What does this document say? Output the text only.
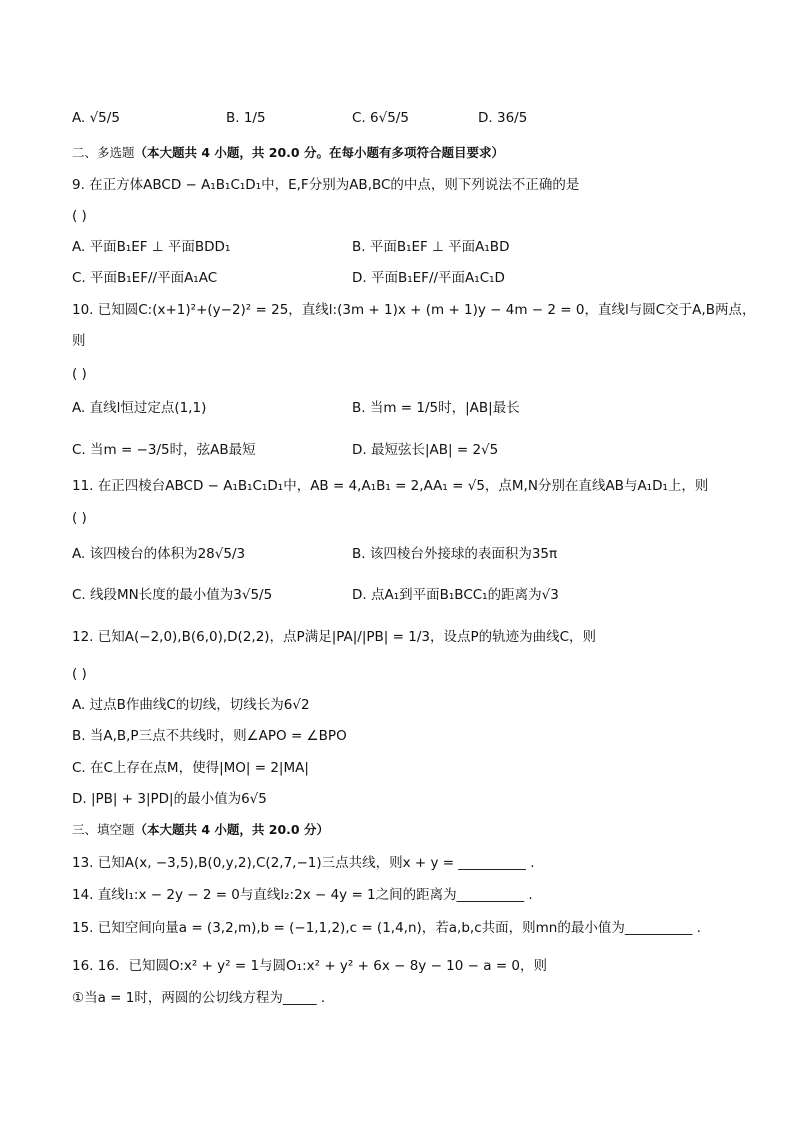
A. √5/5	B. 1/5	C. 6√5/5	D. 36/5
二、多选题（本大题共 4 小题，共 20.0 分。在每小题有多项符合题目要求）
9. 在正方体ABCD − A₁B₁C₁D₁中，E,F分别为AB,BC的中点，则下列说法不正确的是
( )
A. 平面B₁EF ⊥ 平面BDD₁	B. 平面B₁EF ⊥ 平面A₁BD
C. 平面B₁EF//平面A₁AC	D. 平面B₁EF//平面A₁C₁D
10. 已知圆C:(x+1)²+(y−2)² = 25，直线l:(3m + 1)x + (m + 1)y − 4m − 2 = 0，直线l与圆C交于A,B两点，
则
( )
A. 直线l恒过定点(1,1)	B. 当m = 1/5时，|AB|最长
C. 当m = −3/5时，弦AB最短	D. 最短弦长|AB| = 2√5
11. 在正四棱台ABCD − A₁B₁C₁D₁中，AB = 4,A₁B₁ = 2,AA₁ = √5，点M,N分别在直线AB与A₁D₁上，则
( )
A. 该四棱台的体积为28√5/3	B. 该四棱台外接球的表面积为35π
C. 线段MN长度的最小值为3√5/5	D. 点A₁到平面B₁BCC₁的距离为√3
12. 已知A(−2,0),B(6,0),D(2,2)，点P满足|PA|/|PB| = 1/3，设点P的轨迹为曲线C，则
( )
A. 过点B作曲线C的切线，切线长为6√2
B. 当A,B,P三点不共线时，则∠APO = ∠BPO
C. 在C上存在点M，使得|MO| = 2|MA|
D. |PB| + 3|PD|的最小值为6√5
三、填空题（本大题共 4 小题，共 20.0 分）
13. 已知A(x, −3,5),B(0,y,2),C(2,7,−1)三点共线，则x + y = __________ .
14. 直线l₁:x − 2y − 2 = 0与直线l₂:2x − 4y = 1之间的距离为__________ .
15. 已知空间向量a = (3,2,m),b = (−1,1,2),c = (1,4,n)，若a,b,c共面，则mn的最小值为__________ .
16. 16．已知圆O:x² + y² = 1与圆O₁:x² + y² + 6x − 8y − 10 − a = 0，则
①当a = 1时，两圆的公切线方程为_____ .
